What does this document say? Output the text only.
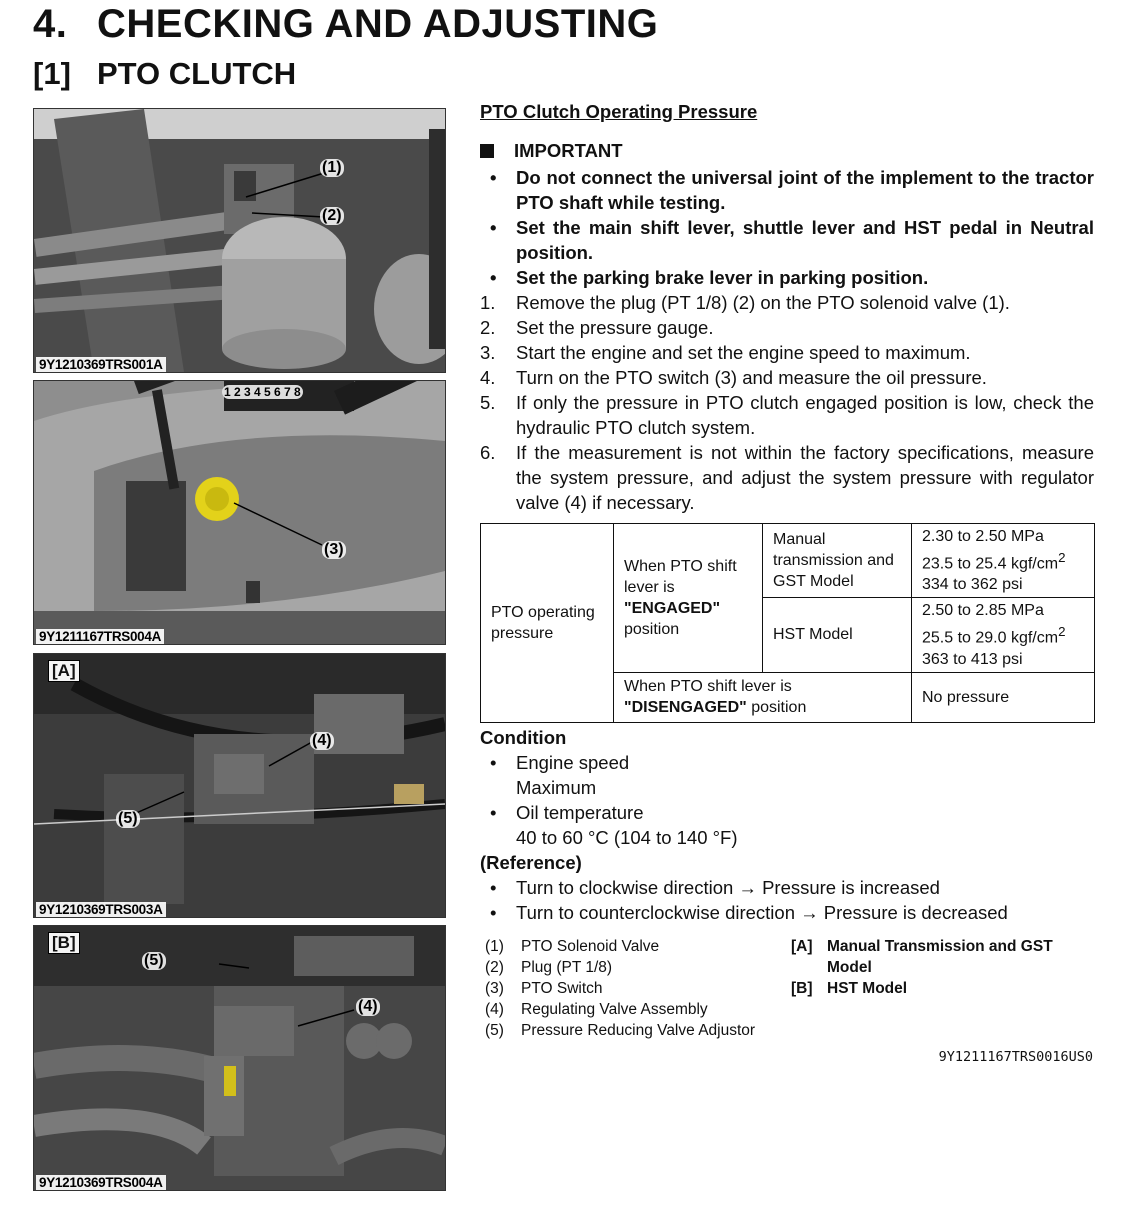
4. CHECKING AND ADJUSTING
[1] PTO CLUTCH
(1)
(2)
9Y1210369TRS001A
1 2 3 4 5 6 7 8
(3)
9Y1211167TRS004A
[A]
(4)
(5)
9Y1210369TRS003A
[B]
(5)
(4)
9Y1210369TRS004A
PTO Clutch Operating Pressure
IMPORTANT
•	Do not connect the universal joint of the implement to the tractor PTO shaft while testing.
•	Set the main shift lever, shuttle lever and HST pedal in Neutral position.
•	Set the parking brake lever in parking position.
1.	Remove the plug (PT 1/8) (2) on the PTO solenoid valve (1).
2.	Set the pressure gauge.
3.	Start the engine and set the engine speed to maximum.
4.	Turn on the PTO switch (3) and measure the oil pressure.
5.	If only the pressure in PTO clutch engaged position is low, check the hydraulic PTO clutch system.
6.	If the measurement is not within the factory specifications, measure the system pressure, and adjust the system pressure with regulator valve (4) if necessary.
PTO operating pressure	When PTO shift lever is
"ENGAGED"
position	Manual transmission and GST Model	2.30 to 2.50 MPa
23.5 to 25.4 kgf/$cm^2$
334 to 362 psi
		HST Model	2.50 to 2.85 MPa
25.5 to 29.0 kgf/$cm^2$
363 to 413 psi
	When PTO shift lever is
"DISENGAGED" position		No pressure
Condition
•	Engine speed
Maximum
•	Oil temperature
40 to 60 °C (104 to 140 °F)
(Reference)
•	Turn to clockwise direction → Pressure is increased
•	Turn to counterclockwise direction → Pressure is decreased
(1) PTO Solenoid Valve
(2) Plug (PT 1/8)
(3) PTO Switch
(4) Regulating Valve Assembly
(5) Pressure Reducing Valve Adjustor
[A] Manual Transmission and GST
Model
[B] HST Model
9Y1211167TRS0016US0
